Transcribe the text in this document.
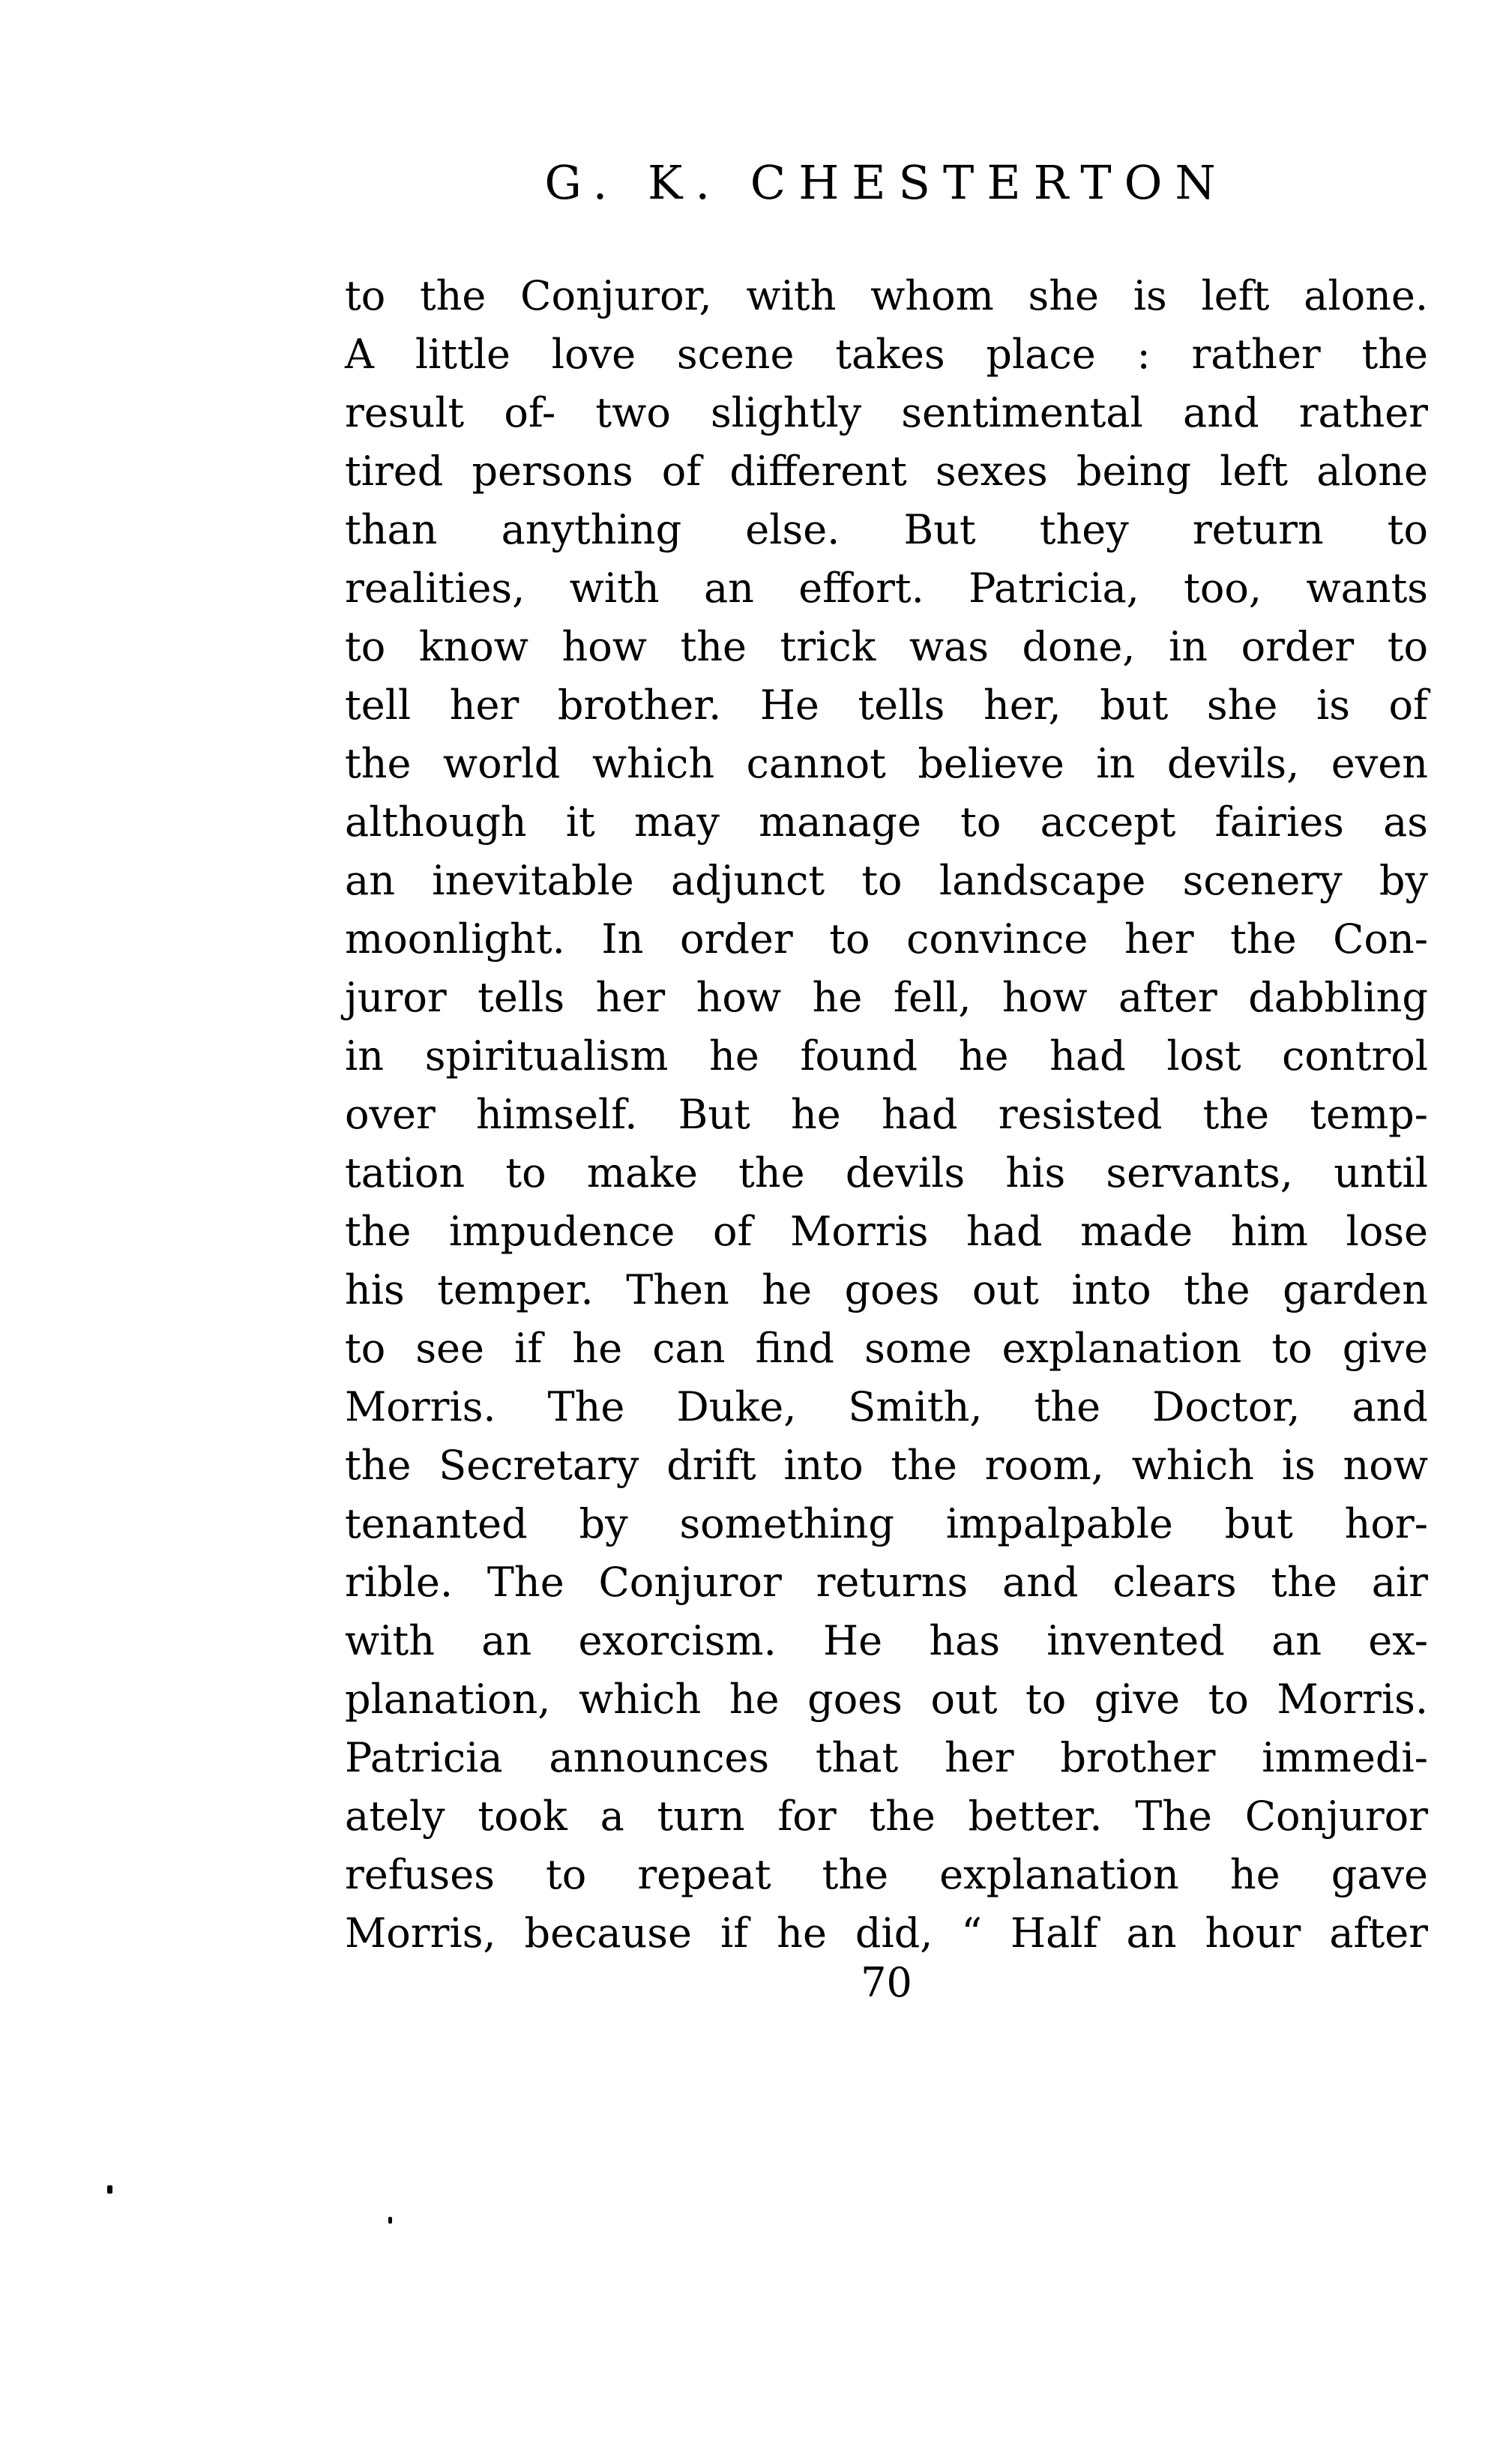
G. K. CHESTERTON
to the Conjuror, with whom she is left alone.
A little love scene takes place : rather the
result of- two slightly sentimental and rather
tired persons of different sexes being left alone
than anything else. But they return to
realities, with an effort. Patricia, too, wants
to know how the trick was done, in order to
tell her brother. He tells her, but she is of
the world which cannot believe in devils, even
although it may manage to accept fairies as
an inevitable adjunct to landscape scenery by
moonlight. In order to convince her the Con-
juror tells her how he fell, how after dabbling
in spiritualism he found he had lost control
over himself. But he had resisted the temp-
tation to make the devils his servants, until
the impudence of Morris had made him lose
his temper. Then he goes out into the garden
to see if he can find some explanation to give
Morris. The Duke, Smith, the Doctor, and
the Secretary drift into the room, which is now
tenanted by something impalpable but hor-
rible. The Conjuror returns and clears the air
with an exorcism. He has invented an ex-
planation, which he goes out to give to Morris.
Patricia announces that her brother immedi-
ately took a turn for the better. The Conjuror
refuses to repeat the explanation he gave
Morris, because if he did, “ Half an hour after
70
